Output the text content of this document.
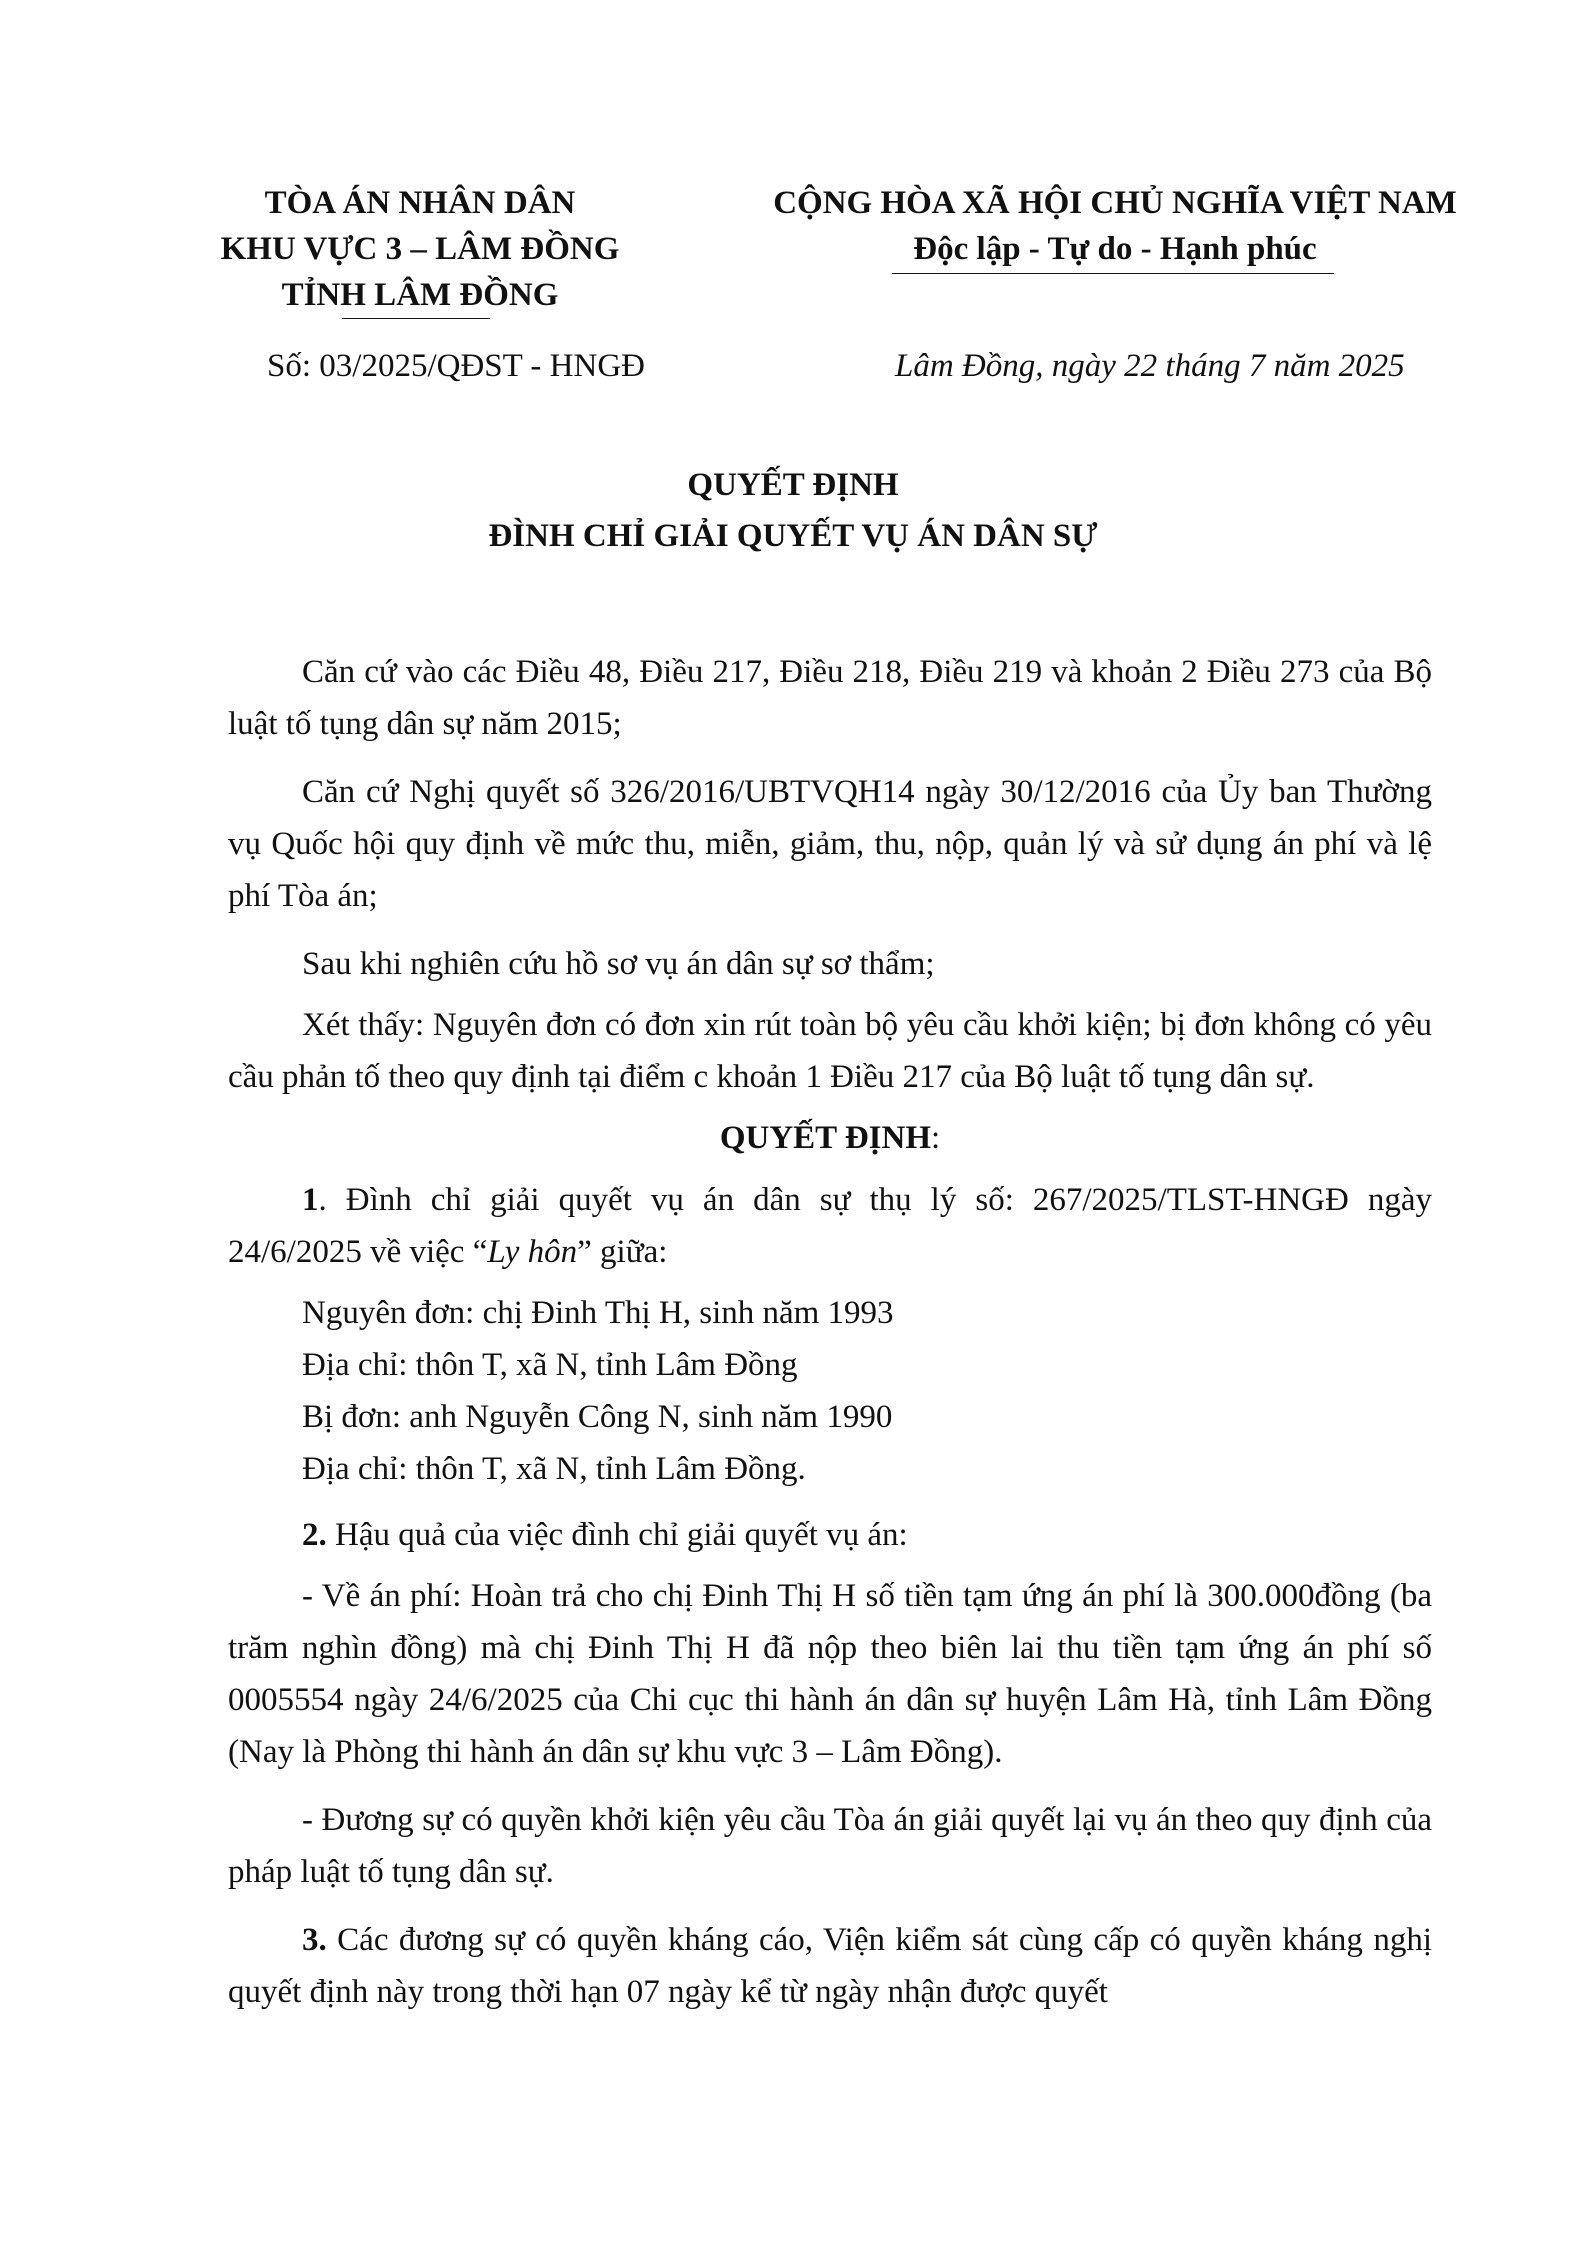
TÒA ÁN NHÂN DÂN
KHU VỰC 3 – LÂM ĐỒNG
TỈNH LÂM ĐỒNG
CỘNG HÒA XÃ HỘI CHỦ NGHĨA VIỆT NAM
Độc lập - Tự do - Hạnh phúc
Số: 03/2025/QĐST - HNGĐ	Lâm Đồng, ngày 22 tháng 7 năm 2025
QUYẾT ĐỊNH
ĐÌNH CHỈ GIẢI QUYẾT VỤ ÁN DÂN SỰ

Căn cứ vào các Điều 48, Điều 217, Điều 218, Điều 219 và khoản 2 Điều 273 của Bộ luật tố tụng dân sự năm 2015;

Căn cứ Nghị quyết số 326/2016/UBTVQH14 ngày 30/12/2016 của Ủy ban Thường vụ Quốc hội quy định về mức thu, miễn, giảm, thu, nộp, quản lý và sử dụng án phí và lệ phí Tòa án;

Sau khi nghiên cứu hồ sơ vụ án dân sự sơ thẩm;

Xét thấy: Nguyên đơn có đơn xin rút toàn bộ yêu cầu khởi kiện; bị đơn không có yêu cầu phản tố theo quy định tại điểm c khoản 1 Điều 217 của Bộ luật tố tụng dân sự.

QUYẾT ĐỊNH:

1. Đình chỉ giải quyết vụ án dân sự thụ lý số: 267/2025/TLST-HNGĐ ngày 24/6/2025 về việc “Ly hôn” giữa:

Nguyên đơn: chị Đinh Thị H, sinh năm 1993

Địa chỉ: thôn T, xã N, tỉnh Lâm Đồng

Bị đơn: anh Nguyễn Công N, sinh năm 1990

Địa chỉ: thôn T, xã N, tỉnh Lâm Đồng.

2. Hậu quả của việc đình chỉ giải quyết vụ án:

- Về án phí: Hoàn trả cho chị Đinh Thị H số tiền tạm ứng án phí là 300.000đồng (ba trăm nghìn đồng) mà chị Đinh Thị H đã nộp theo biên lai thu tiền tạm ứng án phí số 0005554 ngày 24/6/2025 của Chi cục thi hành án dân sự huyện Lâm Hà, tỉnh Lâm Đồng (Nay là Phòng thi hành án dân sự khu vực 3 – Lâm Đồng).

- Đương sự có quyền khởi kiện yêu cầu Tòa án giải quyết lại vụ án theo quy định của pháp luật tố tụng dân sự.

3. Các đương sự có quyền kháng cáo, Viện kiểm sát cùng cấp có quyền kháng nghị quyết định này trong thời hạn 07 ngày kể từ ngày nhận được quyết
